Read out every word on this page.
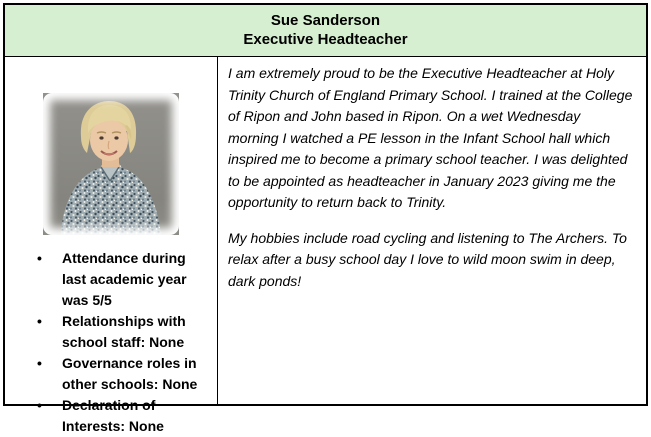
Sue Sanderson
Executive Headteacher
• Attendance during last academic year was 5/5
• Relationships with school staff: None
• Governance roles in other schools: None
• Declaration of Interests: None

I am extremely proud to be the Executive Headteacher at Holy Trinity Church of England Primary School. I trained at the College of Ripon and John based in Ripon. On a wet Wednesday morning I watched a PE lesson in the Infant School hall which inspired me to become a primary school teacher. I was delighted to be appointed as headteacher in January 2023 giving me the opportunity to return back to Trinity.

My hobbies include road cycling and listening to The Archers. To relax after a busy school day I love to wild moon swim in deep,  dark ponds!
